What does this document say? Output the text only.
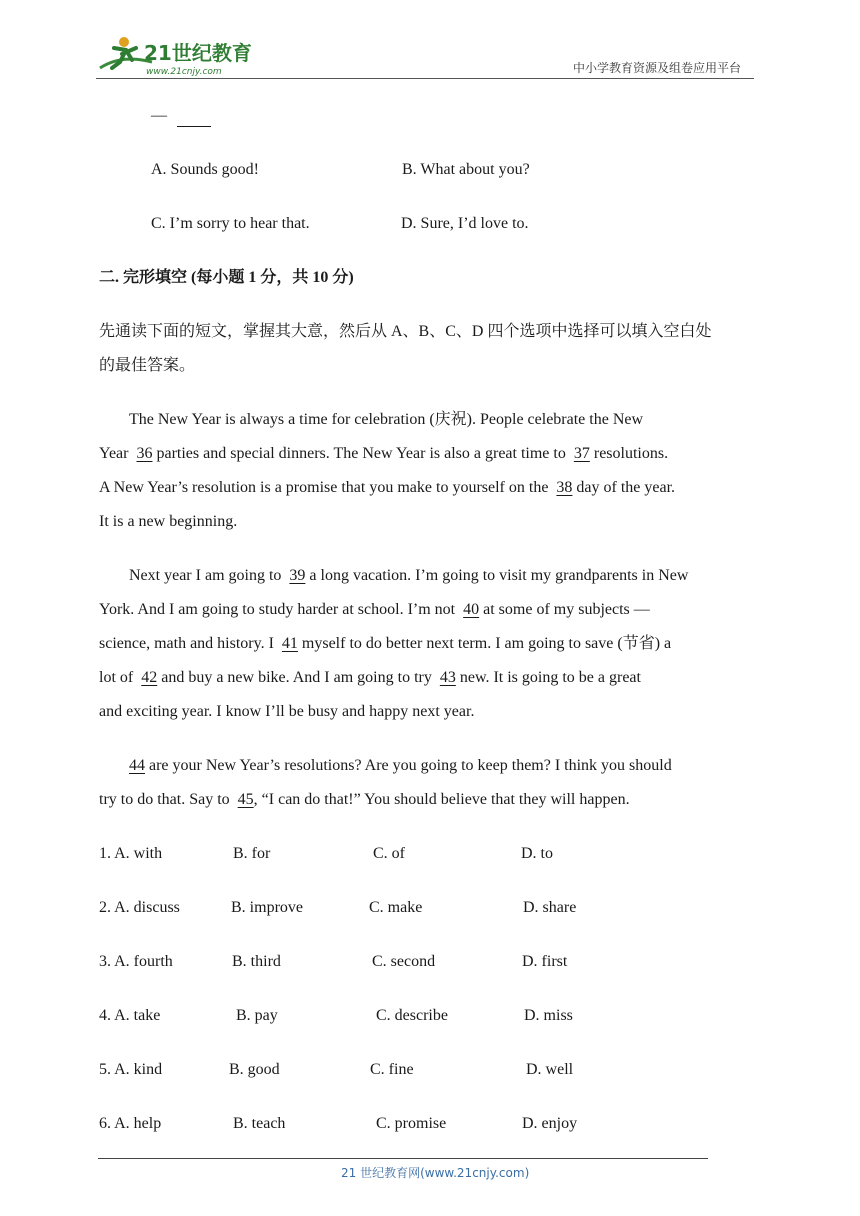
21世纪教育
www.21cnjy.com	中小学教育资源及组卷应用平台
—
A. Sounds good!	B. What about you?
C. I’m sorry to hear that.	D. Sure, I’d love to.
二. 完形填空 (每小题 1 分，共 10 分)
先通读下面的短文，掌握其大意，然后从 A、B、C、D 四个选项中选择可以填入空白处
的最佳答案。
The New Year is always a time for celebration (庆祝). People celebrate the New
Year 36 parties and special dinners. The New Year is also a great time to 37 resolutions.
A New Year’s resolution is a promise that you make to yourself on the 38 day of the year.
It is a new beginning.
Next year I am going to 39 a long vacation. I’m going to visit my grandparents in New
York. And I am going to study harder at school. I’m not 40 at some of my subjects —
science, math and history. I 41 myself to do better next term. I am going to save (节省) a
lot of 42 and buy a new bike. And I am going to try 43 new. It is going to be a great
and exciting year. I know I’ll be busy and happy next year.
44 are your New Year’s resolutions? Are you going to keep them? I think you should
try to do that. Say to 45, “I can do that!” You should believe that they will happen.
1. A. with	B. for	C. of	D. to
2. A. discuss	B. improve	C. make	D. share
3. A. fourth	B. third	C. second	D. first
4. A. take	B. pay	C. describe	D. miss
5. A. kind	B. good	C. fine	D. well
6. A. help	B. teach	C. promise	D. enjoy
21 世纪教育网(www.21cnjy.com)
